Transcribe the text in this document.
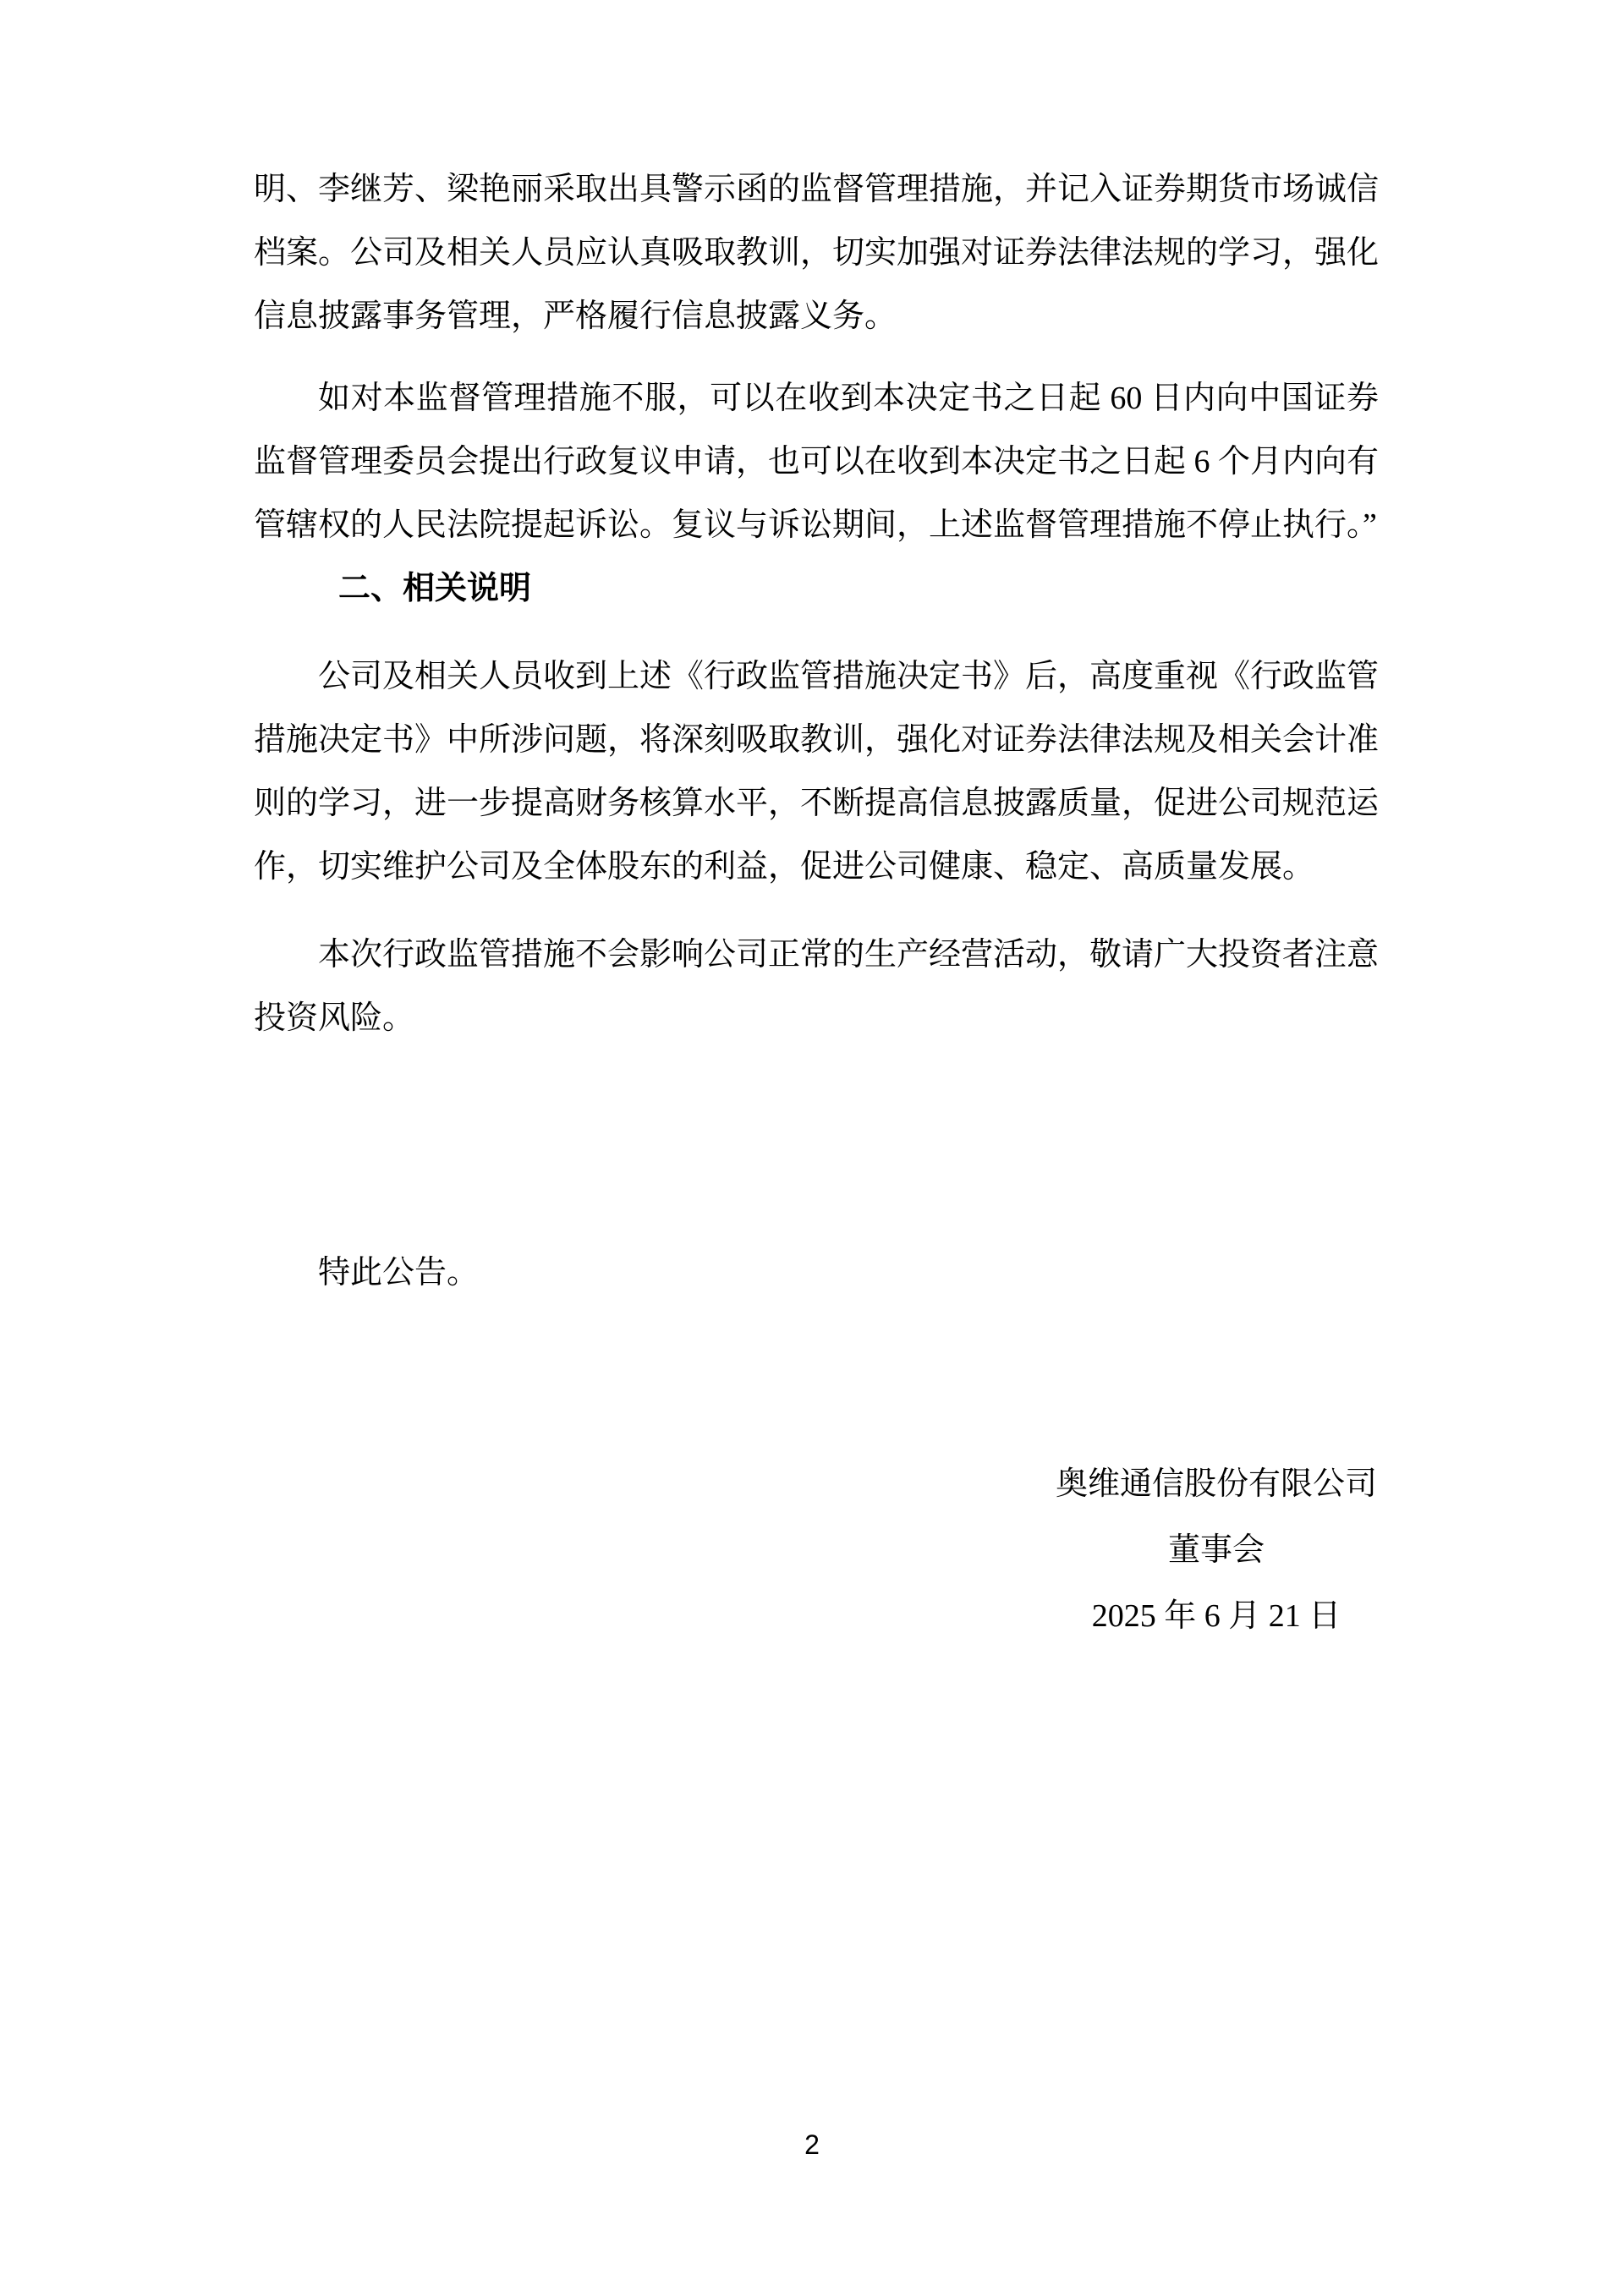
明、李继芳、梁艳丽采取出具警示函的监督管理措施，并记入证券期货市场诚信档案。公司及相关人员应认真吸取教训，切实加强对证券法律法规的学习，强化信息披露事务管理，严格履行信息披露义务。

如对本监督管理措施不服，可以在收到本决定书之日起 60 日内向中国证券监督管理委员会提出行政复议申请，也可以在收到本决定书之日起 6 个月内向有管辖权的人民法院提起诉讼。复议与诉讼期间，上述监督管理措施不停止执行。”

二、相关说明

公司及相关人员收到上述《行政监管措施决定书》后，高度重视《行政监管措施决定书》中所涉问题，将深刻吸取教训，强化对证券法律法规及相关会计准则的学习，进一步提高财务核算水平，不断提高信息披露质量，促进公司规范运作，切实维护公司及全体股东的利益，促进公司健康、稳定、高质量发展。

本次行政监管措施不会影响公司正常的生产经营活动，敬请广大投资者注意投资风险。

特此公告。

奥维通信股份有限公司
董事会
2025 年 6 月 21 日
2
